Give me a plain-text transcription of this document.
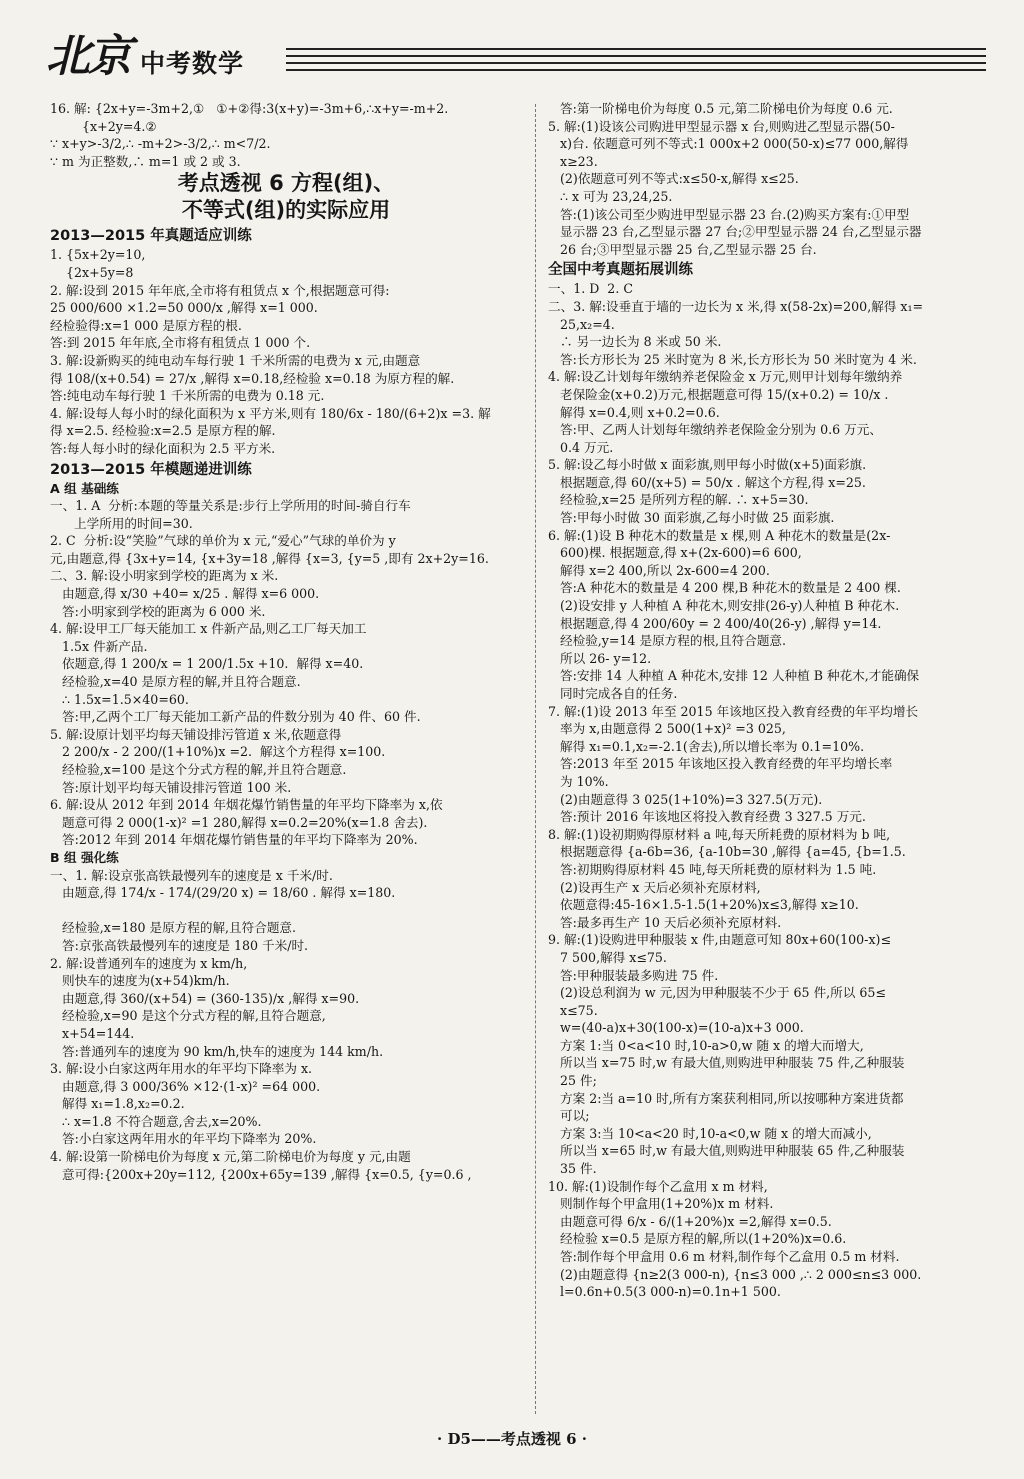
北京 中考数学
16. 解: {2x+y=-3m+2,①   ①+②得:3(x+y)=-3m+6,∴x+y=-m+2.
{x+2y=4.②
∵ x+y>-3/2,∴ -m+2>-3/2,∴ m<7/2.
∵ m 为正整数,∴ m=1 或 2 或 3.
考点透视 6 方程(组)、
不等式(组)的实际应用
2013—2015 年真题适应训练
1. {5x+2y=10,
{2x+5y=8
2. 解:设到 2015 年年底,全市将有租赁点 x 个,根据题意可得:
25 000/600 ×1.2=50 000/x ,解得 x=1 000.
经检验得:x=1 000 是原方程的根.
答:到 2015 年年底,全市将有租赁点 1 000 个.
3. 解:设新购买的纯电动车每行驶 1 千米所需的电费为 x 元,由题意
得 108/(x+0.54) = 27/x ,解得 x=0.18,经检验 x=0.18 为原方程的解.
答:纯电动车每行驶 1 千米所需的电费为 0.18 元.
4. 解:设每人每小时的绿化面积为 x 平方米,则有 180/6x - 180/(6+2)x =3. 解
得 x=2.5. 经检验:x=2.5 是原方程的解.
答:每人每小时的绿化面积为 2.5 平方米.
2013—2015 年模题递进训练
A 组 基础练
一、1. A  分析:本题的等量关系是:步行上学所用的时间-骑自行车
上学所用的时间=30.
2. C  分析:设“笑脸”气球的单价为 x 元,“爱心”气球的单价为 y
元,由题意,得 {3x+y=14, {x+3y=18 ,解得 {x=3, {y=5 ,即有 2x+2y=16.
二、3. 解:设小明家到学校的距离为 x 米.
由题意,得 x/30 +40= x/25 . 解得 x=6 000.
答:小明家到学校的距离为 6 000 米.
4. 解:设甲工厂每天能加工 x 件新产品,则乙工厂每天加工
1.5x 件新产品.
依题意,得 1 200/x = 1 200/1.5x +10.  解得 x=40.
经检验,x=40 是原方程的解,并且符合题意.
∴ 1.5x=1.5×40=60.
答:甲,乙两个工厂每天能加工新产品的件数分别为 40 件、60 件.
5. 解:设原计划平均每天铺设排污管道 x 米,依题意得
2 200/x - 2 200/(1+10%)x =2.  解这个方程得 x=100.
经检验,x=100 是这个分式方程的解,并且符合题意.
答:原计划平均每天铺设排污管道 100 米.
6. 解:设从 2012 年到 2014 年烟花爆竹销售量的年平均下降率为 x,依
题意可得 2 000(1-x)² =1 280,解得 x=0.2=20%(x=1.8 舍去).
答:2012 年到 2014 年烟花爆竹销售量的年平均下降率为 20%.
B 组 强化练
一、1. 解:设京张高铁最慢列车的速度是 x 千米/时.
由题意,得 174/x - 174/(29/20 x) = 18/60 . 解得 x=180.

经检验,x=180 是原方程的解,且符合题意.
答:京张高铁最慢列车的速度是 180 千米/时.
2. 解:设普通列车的速度为 x km/h,
则快车的速度为(x+54)km/h.
由题意,得 360/(x+54) = (360-135)/x ,解得 x=90.
经检验,x=90 是这个分式方程的解,且符合题意,
x+54=144.
答:普通列车的速度为 90 km/h,快车的速度为 144 km/h.
3. 解:设小白家这两年用水的年平均下降率为 x.
由题意,得 3 000/36% ×12·(1-x)² =64 000.
解得 x₁=1.8,x₂=0.2.
∴ x=1.8 不符合题意,舍去,x=20%.
答:小白家这两年用水的年平均下降率为 20%.
4. 解:设第一阶梯电价为每度 x 元,第二阶梯电价为每度 y 元,由题
意可得:{200x+20y=112, {200x+65y=139 ,解得 {x=0.5, {y=0.6 ,
答:第一阶梯电价为每度 0.5 元,第二阶梯电价为每度 0.6 元.
5. 解:(1)设该公司购进甲型显示器 x 台,则购进乙型显示器(50-
x)台. 依题意可列不等式:1 000x+2 000(50-x)≤77 000,解得
x≥23.
(2)依题意可列不等式:x≤50-x,解得 x≤25.
∴ x 可为 23,24,25.
答:(1)该公司至少购进甲型显示器 23 台.(2)购买方案有:①甲型
显示器 23 台,乙型显示器 27 台;②甲型显示器 24 台,乙型显示器
26 台;③甲型显示器 25 台,乙型显示器 25 台.
全国中考真题拓展训练
一、1. D  2. C
二、3. 解:设垂直于墙的一边长为 x 米,得 x(58-2x)=200,解得 x₁=
25,x₂=4.
∴ 另一边长为 8 米或 50 米.
答:长方形长为 25 米时宽为 8 米,长方形长为 50 米时宽为 4 米.
4. 解:设乙计划每年缴纳养老保险金 x 万元,则甲计划每年缴纳养
老保险金(x+0.2)万元,根据题意可得 15/(x+0.2) = 10/x .
解得 x=0.4,则 x+0.2=0.6.
答:甲、乙两人计划每年缴纳养老保险金分别为 0.6 万元、
0.4 万元.
5. 解:设乙每小时做 x 面彩旗,则甲每小时做(x+5)面彩旗.
根据题意,得 60/(x+5) = 50/x . 解这个方程,得 x=25.
经检验,x=25 是所列方程的解. ∴ x+5=30.
答:甲每小时做 30 面彩旗,乙每小时做 25 面彩旗.
6. 解:(1)设 B 种花木的数量是 x 棵,则 A 种花木的数量是(2x-
600)棵. 根据题意,得 x+(2x-600)=6 600,
解得 x=2 400,所以 2x-600=4 200.
答:A 种花木的数量是 4 200 棵,B 种花木的数量是 2 400 棵.
(2)设安排 y 人种植 A 种花木,则安排(26-y)人种植 B 种花木.
根据题意,得 4 200/60y = 2 400/40(26-y) ,解得 y=14.
经检验,y=14 是原方程的根,且符合题意.
所以 26- y=12.
答:安排 14 人种植 A 种花木,安排 12 人种植 B 种花木,才能确保
同时完成各自的任务.
7. 解:(1)设 2013 年至 2015 年该地区投入教育经费的年平均增长
率为 x,由题意得 2 500(1+x)² =3 025,
解得 x₁=0.1,x₂=-2.1(舍去),所以增长率为 0.1=10%.
答:2013 年至 2015 年该地区投入教育经费的年平均增长率
为 10%.
(2)由题意得 3 025(1+10%)=3 327.5(万元).
答:预计 2016 年该地区将投入教育经费 3 327.5 万元.
8. 解:(1)设初期购得原材料 a 吨,每天所耗费的原材料为 b 吨,
根据题意得 {a-6b=36, {a-10b=30 ,解得 {a=45, {b=1.5.
答:初期购得原材料 45 吨,每天所耗费的原材料为 1.5 吨.
(2)设再生产 x 天后必须补充原材料,
依题意得:45-16×1.5-1.5(1+20%)x≤3,解得 x≥10.
答:最多再生产 10 天后必须补充原材料.
9. 解:(1)设购进甲种服装 x 件,由题意可知 80x+60(100-x)≤
7 500,解得 x≤75.
答:甲种服装最多购进 75 件.
(2)设总利润为 w 元,因为甲种服装不少于 65 件,所以 65≤
x≤75.
w=(40-a)x+30(100-x)=(10-a)x+3 000.
方案 1:当 0<a<10 时,10-a>0,w 随 x 的增大而增大,
所以当 x=75 时,w 有最大值,则购进甲种服装 75 件,乙种服装
25 件;
方案 2:当 a=10 时,所有方案获利相同,所以按哪种方案进货都
可以;
方案 3:当 10<a<20 时,10-a<0,w 随 x 的增大而减小,
所以当 x=65 时,w 有最大值,则购进甲种服装 65 件,乙种服装
35 件.
10. 解:(1)设制作每个乙盒用 x m 材料,
则制作每个甲盒用(1+20%)x m 材料.
由题意可得 6/x - 6/(1+20%)x =2,解得 x=0.5.
经检验 x=0.5 是原方程的解,所以(1+20%)x=0.6.
答:制作每个甲盒用 0.6 m 材料,制作每个乙盒用 0.5 m 材料.
(2)由题意得 {n≥2(3 000-n), {n≤3 000 ,∴ 2 000≤n≤3 000.
l=0.6n+0.5(3 000-n)=0.1n+1 500.
· D5——考点透视 6 ·
